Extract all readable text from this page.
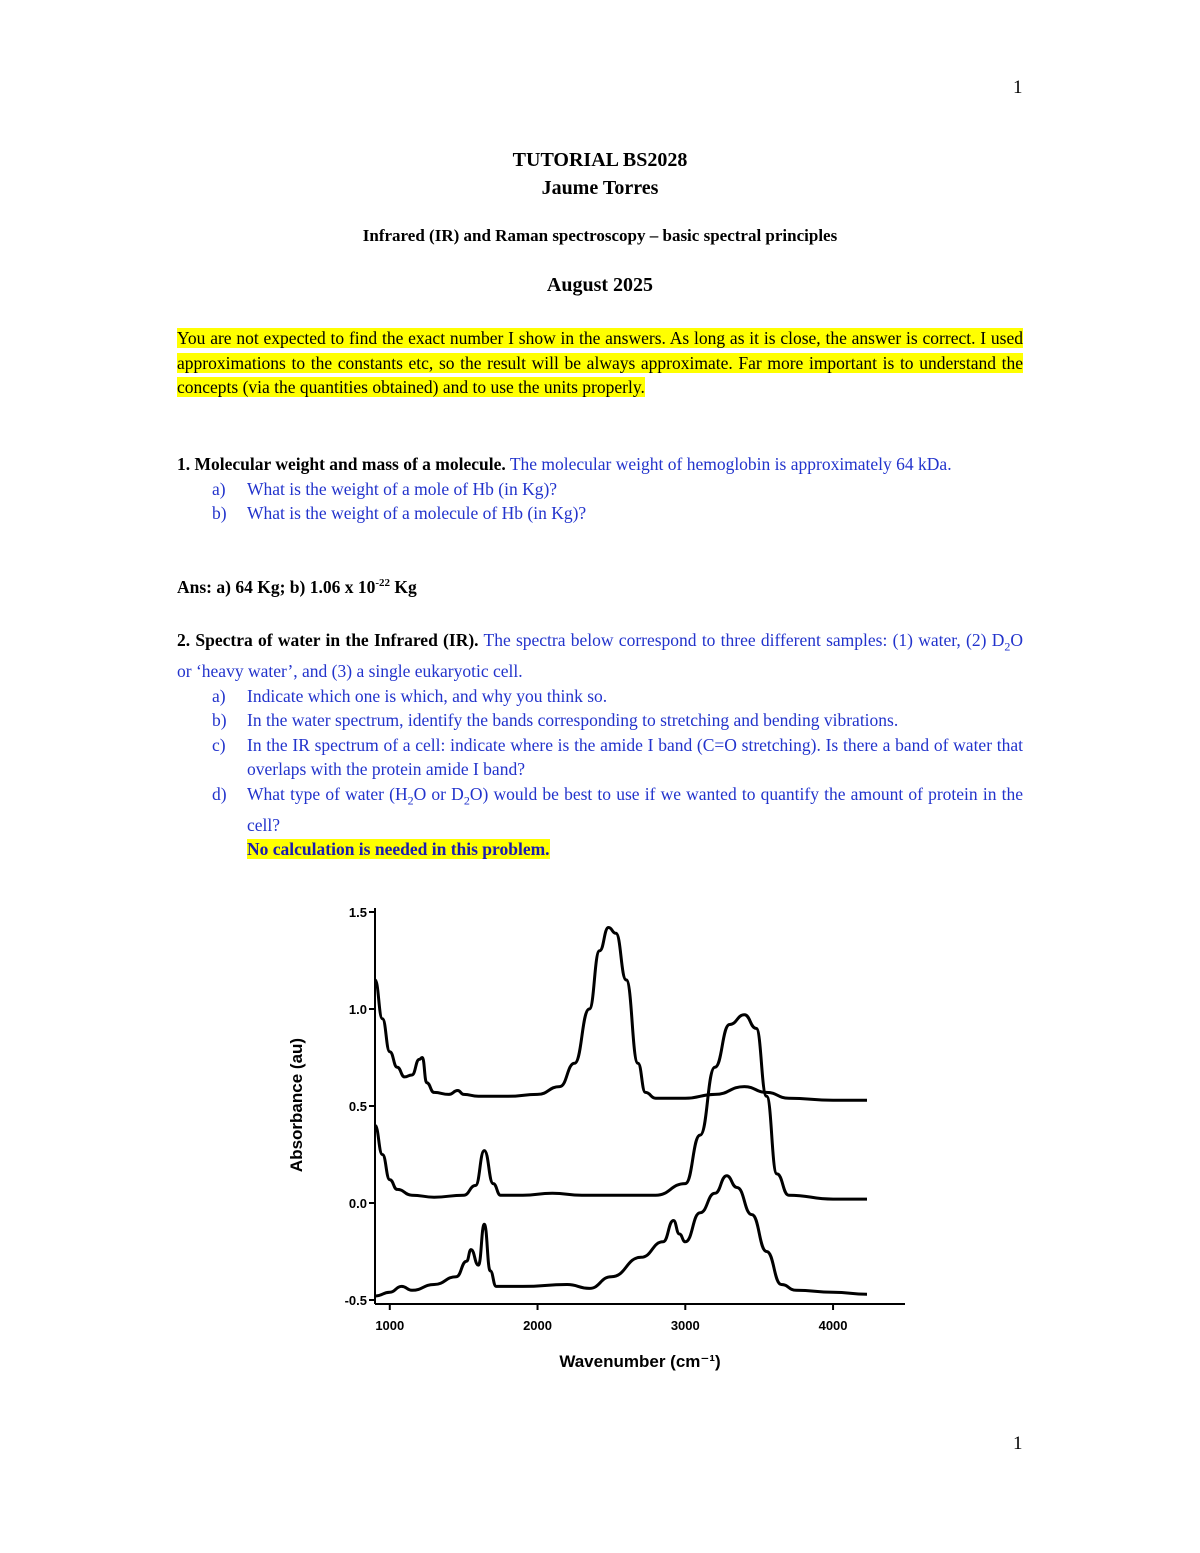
1
TUTORIAL BS2028
Jaume Torres
Infrared (IR) and Raman spectroscopy – basic spectral principles
August 2025
You are not expected to find the exact number I show in the answers. As long as it is close, the answer is correct. I used approximations to the constants etc, so the result will be always approximate. Far more important is to understand the concepts (via the quantities obtained) and to use the units properly.
1. Molecular weight and mass of a molecule. The molecular weight of hemoglobin is approximately 64 kDa.
a) What is the weight of a mole of Hb (in Kg)?
b) What is the weight of a molecule of Hb (in Kg)?
Ans: a) 64 Kg; b) 1.06 x $10^{-22}$ Kg
2. Spectra of water in the Infrared (IR). The spectra below correspond to three different samples: (1) water, (2) $D_2O$ or ‘heavy water’, and (3) a single eukaryotic cell.
a) Indicate which one is which, and why you think so.
b) In the water spectrum, identify the bands corresponding to stretching and bending vibrations.
c) In the IR spectrum of a cell: indicate where is the amide I band (C=O stretching). Is there a band of water that overlaps with the protein amide I band?
d) What type of water ($H_2O$ or $D_2O$) would be best to use if we wanted to quantify the amount of protein in the cell?
No calculation is needed in this problem.
1.5
1.0
0.5
0.0
-0.5
1000	2000	3000	4000
Absorbance (au)
Wavenumber (cm⁻¹)
1
